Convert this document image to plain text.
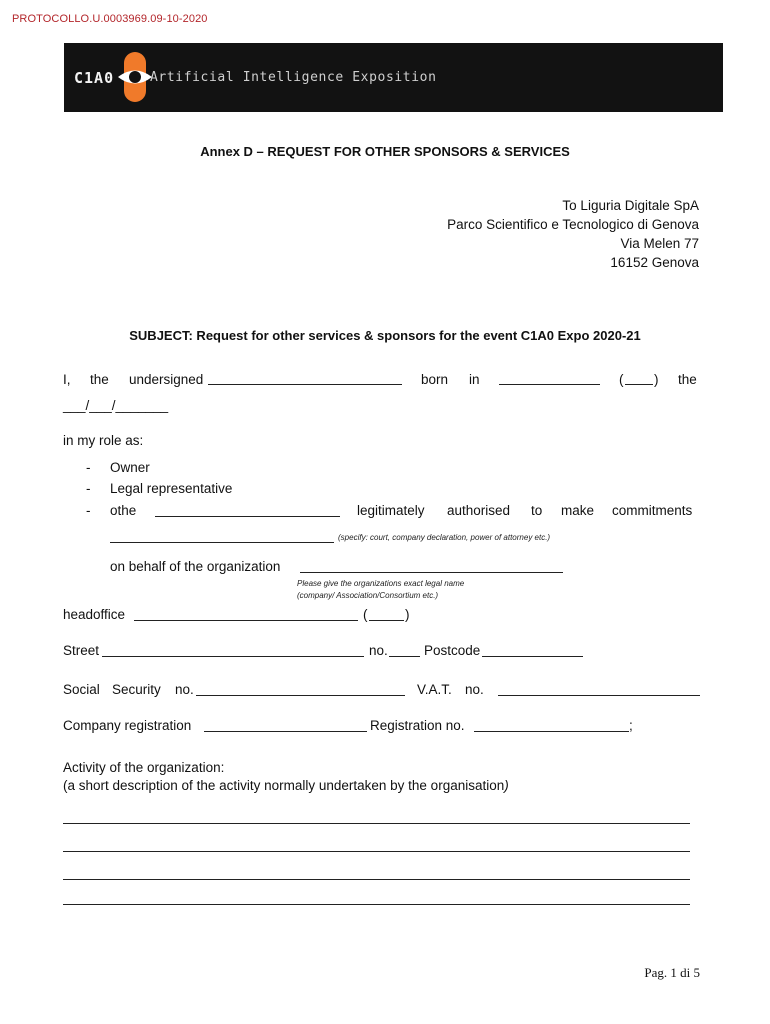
PROTOCOLLO.U.0003969.09-10-2020
C1A0	Artificial Intelligence Exposition
Annex D – REQUEST FOR OTHER SPONSORS & SERVICES
To Liguria Digitale SpA
Parco Scientifico e Tecnologico di Genova
Via Melen 77
16152 Genova
SUBJECT: Request for other services & sponsors for the event C1A0 Expo 2020-21
I, the undersigned	born in	( ) the
___/___/_______
in my role as:
- Owner
- Legal representative
- othe	legitimately authorised to make commitments
(specify: court, company declaration, power of attorney etc.)
on behalf of the organization
Please give the organizations exact legal name
(company/ Association/Consortium etc.)
headoffice	(	)
Street	no.	Postcode
Social Security no.	V.A.T. no.
Company registration	Registration no.	;
Activity of the organization:
(a short description of the activity normally undertaken by the organisation)
Pag. 1 di 5
